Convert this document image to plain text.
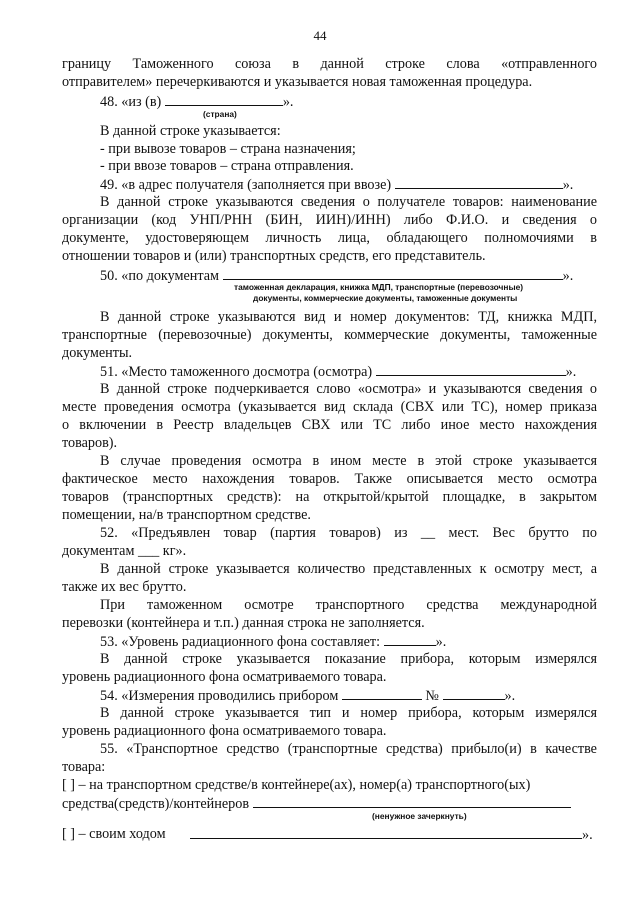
44
границу Таможенного союза в данной строке слова «отправленного
отправителем» перечеркиваются и указывается новая таможенная процедура.
48. «из (в)	».
(страна)
В данной строке указывается:
- при вывозе товаров – страна назначения;
- при ввозе товаров – страна отправления.
49. «в адрес получателя (заполняется при ввозе)	».
В данной строке указываются сведения о получателе товаров: наименование
организации (код УНП/РНН (БИН, ИИН)/ИНН) либо Ф.И.О. и сведения о
документе, удостоверяющем личность лица, обладающего полномочиями в
отношении товаров и (или) транспортных средств, его представитель.
50. «по документам	».
таможенная декларация, книжка МДП, транспортные (перевозочные)
документы, коммерческие документы, таможенные документы
В данной строке указываются вид и номер документов: ТД, книжка МДП,
транспортные (перевозочные) документы, коммерческие документы, таможенные
документы.
51. «Место таможенного досмотра (осмотра)	».
В данной строке подчеркивается слово «осмотра» и указываются сведения о
месте проведения осмотра (указывается вид склада (СВХ или ТС), номер приказа
о включении в Реестр владельцев СВХ или ТС либо иное место нахождения
товаров).
В случае проведения осмотра в ином месте в этой строке указывается
фактическое место нахождения товаров. Также описывается место осмотра
товаров (транспортных средств): на открытой/крытой площадке, в закрытом
помещении, на/в транспортном средстве.
52. «Предъявлен товар (партия товаров) из __ мест. Вес брутто по
документам ___ кг».
В данной строке указывается количество представленных к осмотру мест, а
также их вес брутто.
При таможенном осмотре транспортного средства международной
перевозки (контейнера и т.п.) данная строка не заполняется.
53. «Уровень радиационного фона составляет:	».
В данной строке указывается показание прибора, которым измерялся
уровень радиационного фона осматриваемого товара.
54. «Измерения проводились прибором	№	».
В данной строке указывается тип и номер прибора, которым измерялся
уровень радиационного фона осматриваемого товара.
55. «Транспортное средство (транспортные средства) прибыло(и) в качестве
товара:
[ ] – на транспортном средстве/в контейнере(ах), номер(а) транспортного(ых)
средства(средств)/контейнеров
(ненужное зачеркнуть)
[ ] – своим ходом	».
